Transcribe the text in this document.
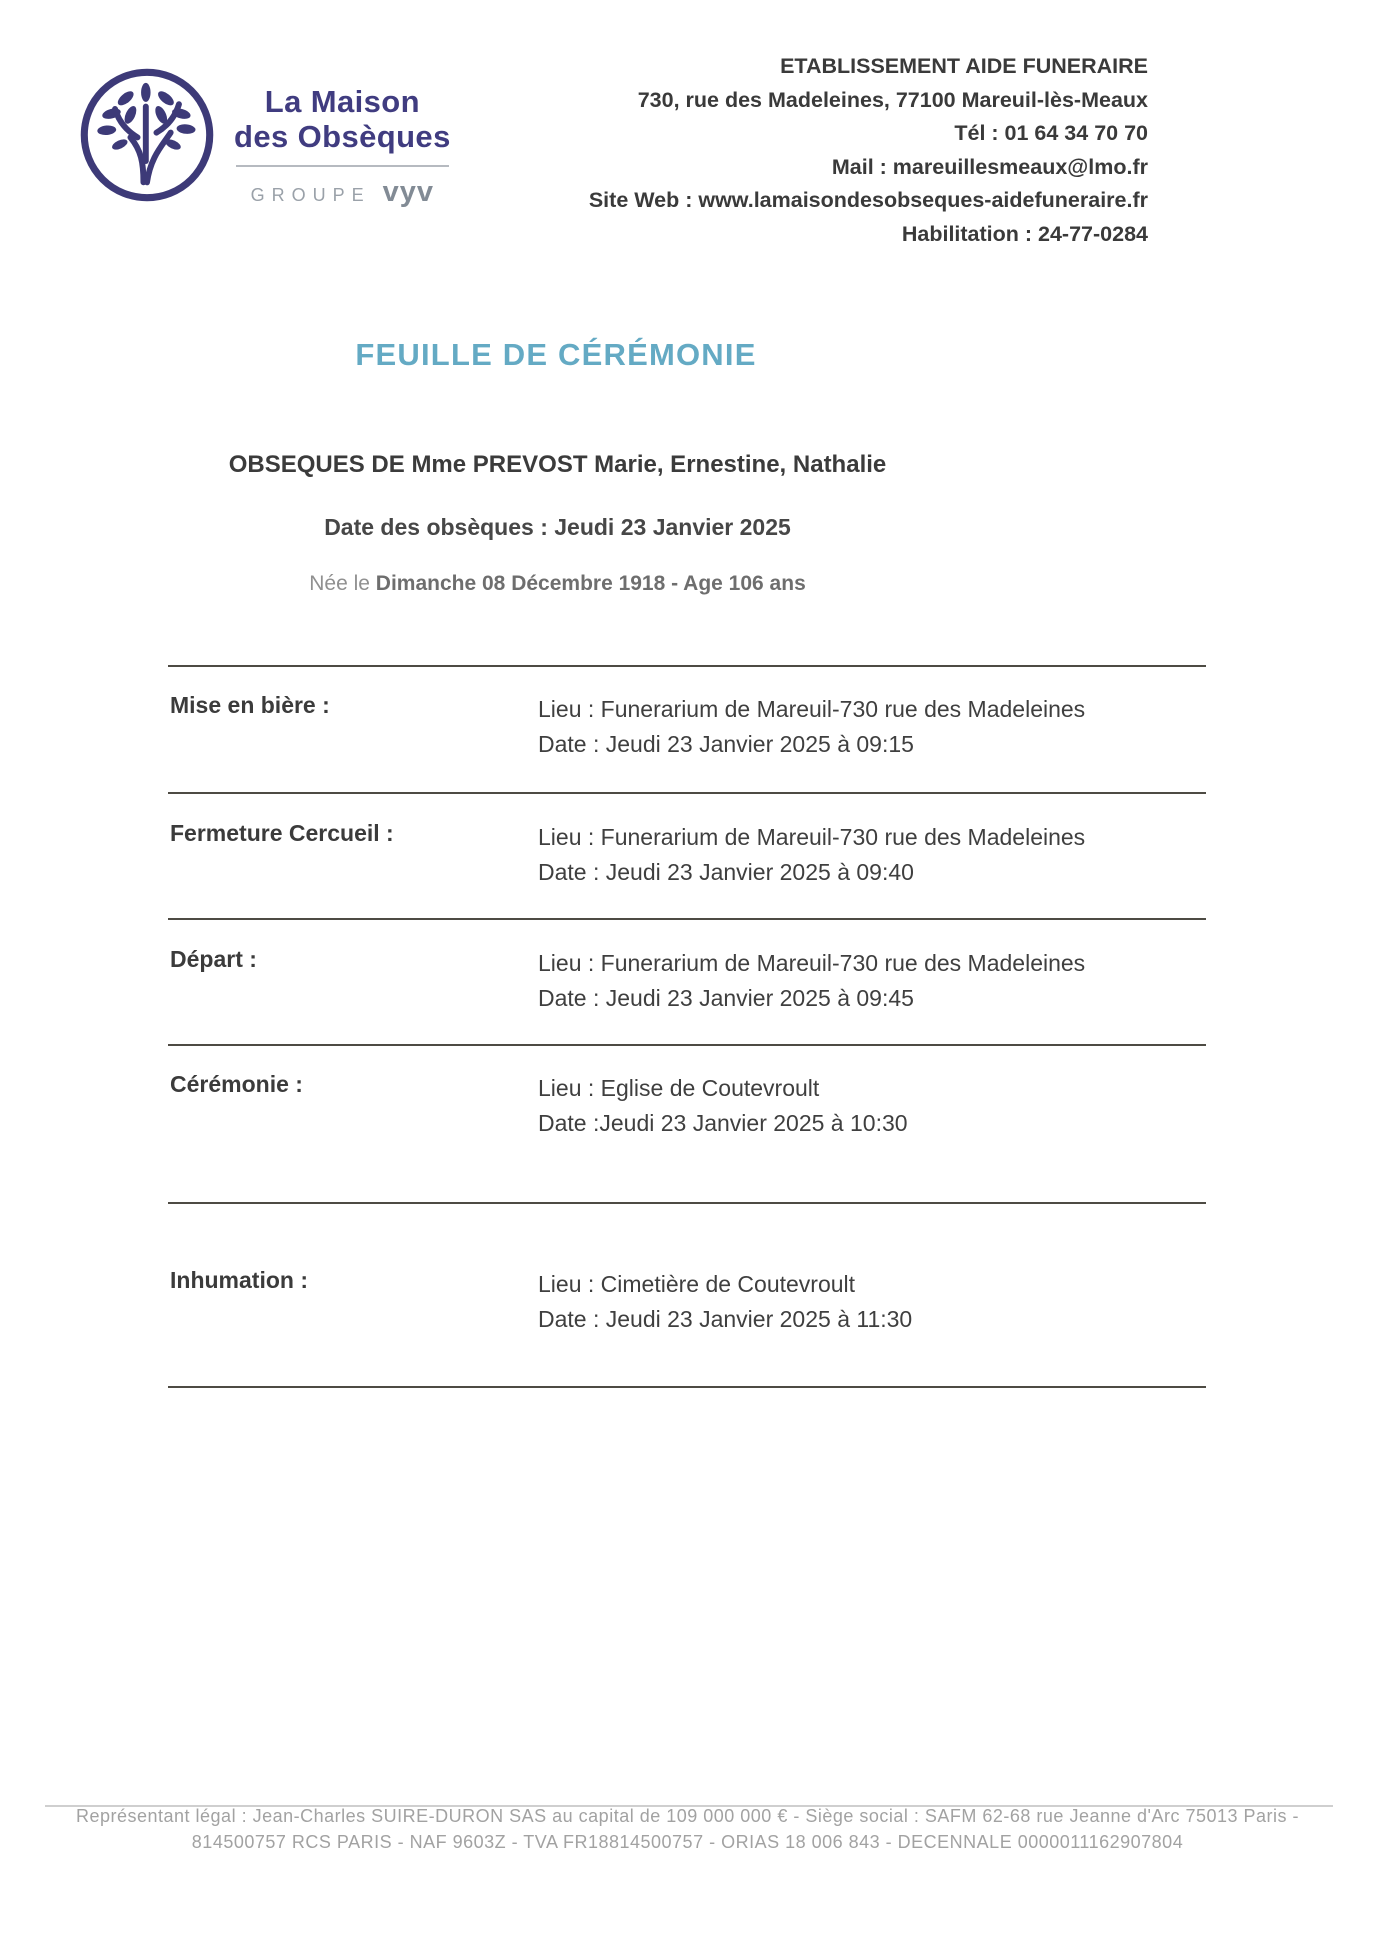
La Maison
des Obsèques
GROUPE vyv
ETABLISSEMENT AIDE FUNERAIRE
730, rue des Madeleines, 77100 Mareuil-lès-Meaux
Tél : 01 64 34 70 70
Mail : mareuillesmeaux@lmo.fr
Site Web : www.lamaisondesobseques-aidefuneraire.fr
Habilitation : 24-77-0284
FEUILLE DE CÉRÉMONIE
OBSEQUES DE Mme PREVOST Marie, Ernestine, Nathalie
Date des obsèques : Jeudi 23 Janvier 2025
Née le Dimanche 08 Décembre 1918 - Age 106 ans
Mise en bière :	Lieu : Funerarium de Mareuil-730 rue des Madeleines
Date : Jeudi 23 Janvier 2025 à 09:15
Fermeture Cercueil :	Lieu : Funerarium de Mareuil-730 rue des Madeleines
Date : Jeudi 23 Janvier 2025 à 09:40
Départ :	Lieu : Funerarium de Mareuil-730 rue des Madeleines
Date : Jeudi 23 Janvier 2025 à 09:45
Cérémonie :	Lieu : Eglise de Coutevroult
Date :Jeudi 23 Janvier 2025 à 10:30
Inhumation :	Lieu : Cimetière de Coutevroult
Date : Jeudi 23 Janvier 2025 à 11:30
Représentant légal : Jean-Charles SUIRE-DURON SAS au capital de 109 000 000 € - Siège social : SAFM 62-68 rue Jeanne d'Arc 75013 Paris -
814500757 RCS PARIS - NAF 9603Z - TVA FR18814500757 - ORIAS 18 006 843 - DECENNALE 0000011162907804
